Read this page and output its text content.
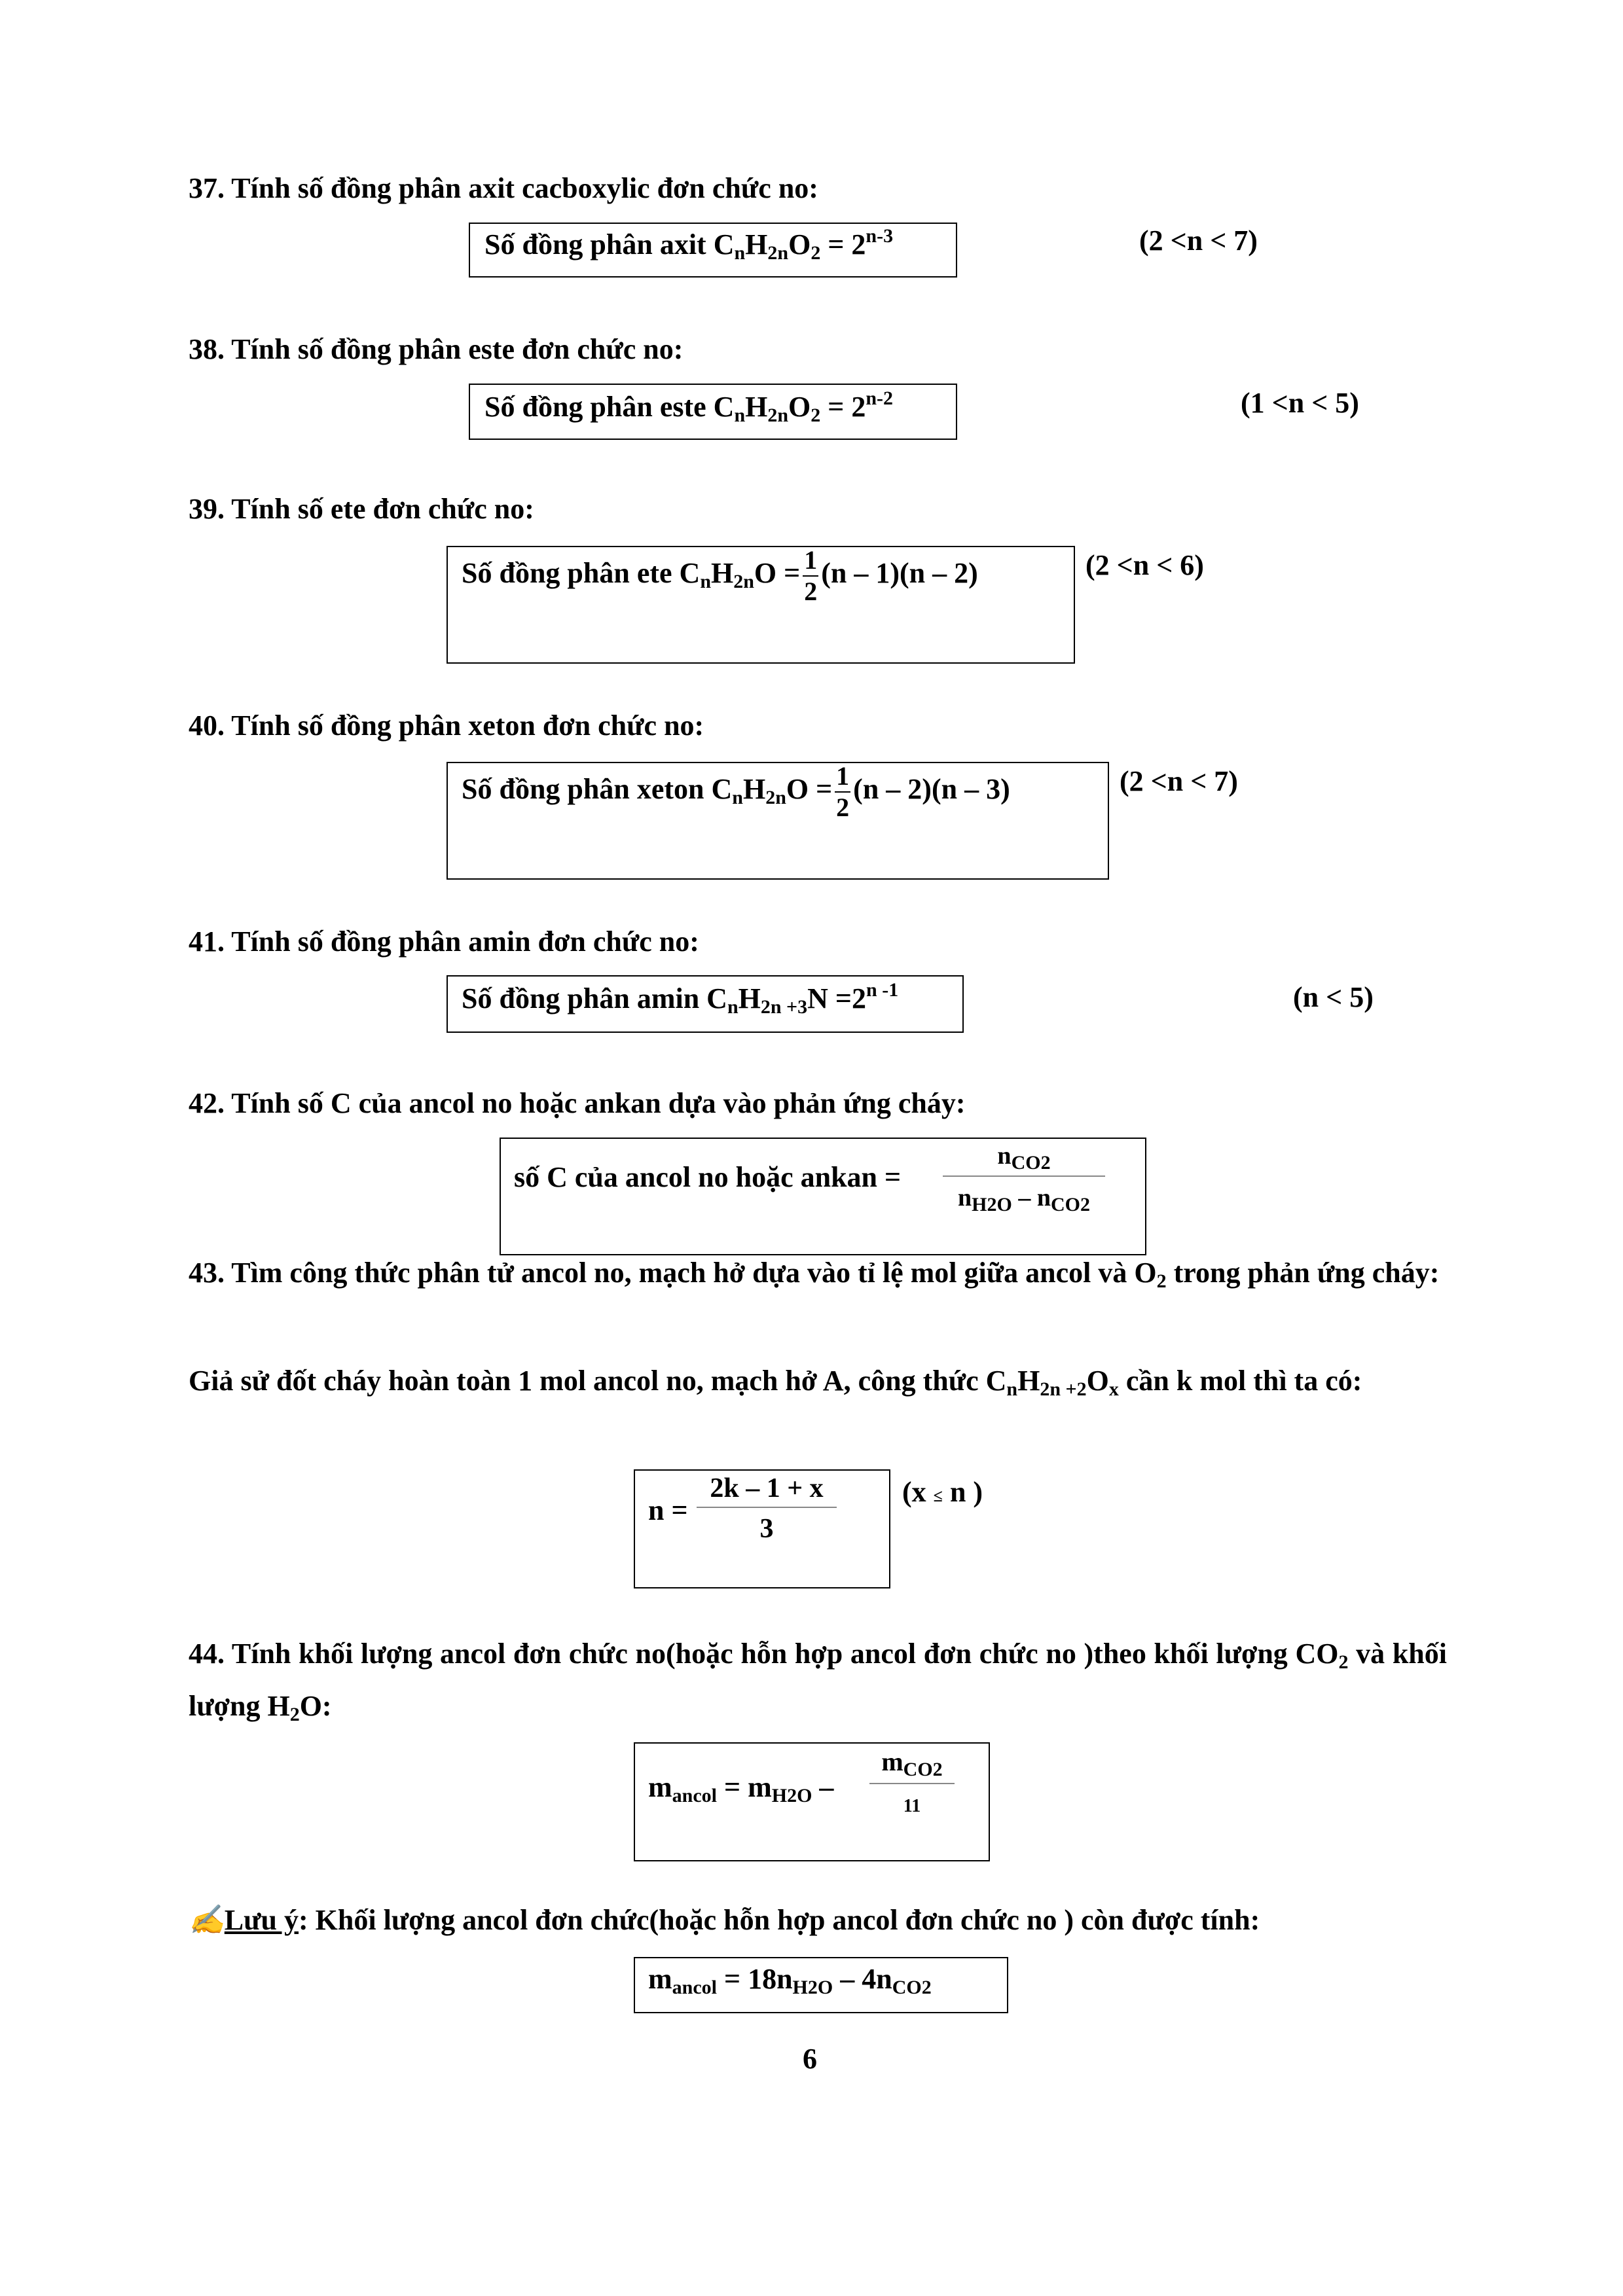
37. Tính số đồng phân axit cacboxylic đơn chức no:
Số đồng phân axit $C_nH_{2n}O_2 = 2^{n-3}$	(2 <n < 7)
38. Tính số đồng phân este đơn chức no:
Số đồng phân este $C_nH_{2n}O_2 = 2^{n-2}$	(1 <n < 5)
39. Tính số ete đơn chức no:
Số đồng phân ete $C_nH_{2n}O = \frac{1}{2} (n - 1)(n - 2)$	(2 <n < 6)
40. Tính số đồng phân xeton đơn chức no:
Số đồng phân xeton $C_nH_{2n}O = \frac{1}{2} (n - 2)(n - 3)$	(2 <n < 7)
41. Tính số đồng phân amin đơn chức no:
Số đồng phân amin $C_nH_{2n +3}N =2^{n -1}$	(n < 5)
42. Tính số C của ancol no hoặc ankan dựa vào phản ứng cháy:
số C của ancol no hoặc ankan =
$n_{CO2}$
$n_{H2O} - n_{CO2}$
43. Tìm công thức phân tử ancol no, mạch hở dựa vào tỉ lệ mol giữa ancol và $O_2$ trong phản ứng cháy:
Giả sử đốt cháy hoàn toàn 1 mol ancol no, mạch hở A, công thức $C_nH_{2n +2}O_x$ cần k mol thì ta có:
n =
2k – 1 + x
3
(x ≤ n )
44. Tính khối lượng ancol đơn chức no(hoặc hỗn hợp ancol đơn chức no )theo khối lượng $CO_2$ và khối lượng $H_2O$:
$m_{ancol} = m_{H2O}$ –
$m_{CO2}$
11
✍Lưu ý: Khối lượng ancol đơn chức(hoặc hỗn hợp ancol đơn chức no ) còn được tính:
$m_{ancol} = 18n_{H2O} - 4n_{CO2}$
6
